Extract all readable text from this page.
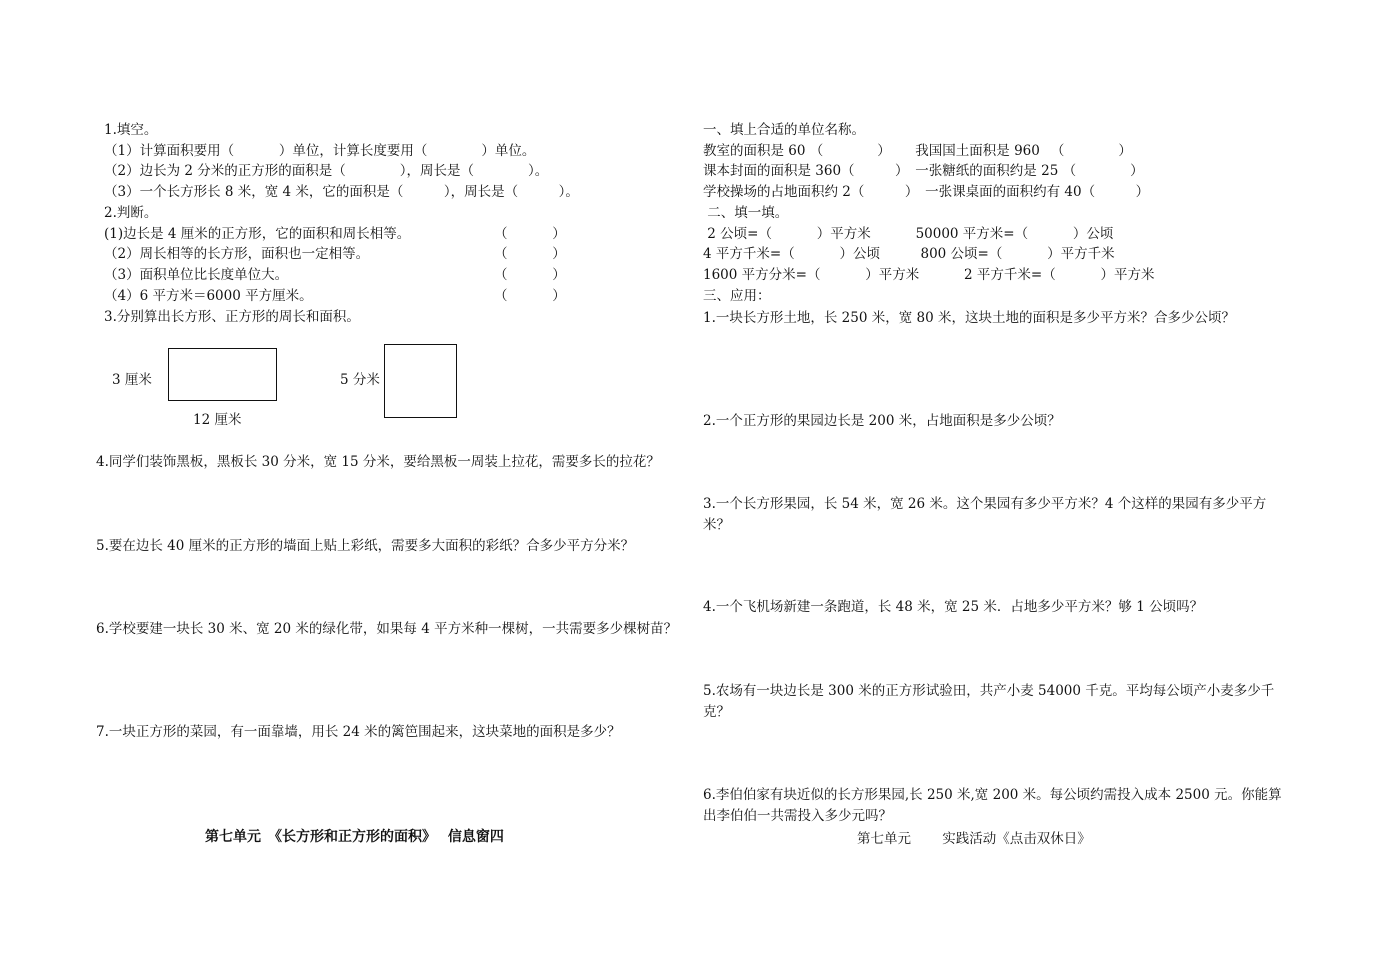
1.填空。
（1）计算面积要用（　　　 ）单位，计算长度要用（　　　　）单位。
（2）边长为 2 分米的正方形的面积是（　　　　），周长是（　　　　）。
（3）一个长方形长 8 米，宽 4 米，它的面积是（　　　），周长是（　　　）。
2.判断。
(1)边长是 4 厘米的正方形，它的面积和周长相等。	（　　　 ）
（2）周长相等的长方形，面积也一定相等。	（　　　 ）
（3）面积单位比长度单位大。	（　　　 ）
（4）6 平方米＝6000 平方厘米。	（　　　 ）
3.分别算出长方形、正方形的周长和面积。
3 厘米
12 厘米
5 分米
4.同学们装饰黑板，黑板长 30 分米，宽 15 分米，要给黑板一周装上拉花，需要多长的拉花？
5.要在边长 40 厘米的正方形的墙面上贴上彩纸，需要多大面积的彩纸？合多少平方分米？
6.学校要建一块长 30 米、宽 20 米的绿化带，如果每 4 平方米种一棵树，一共需要多少棵树苗？
7.一块正方形的菜园，有一面靠墙，用长 24 米的篱笆围起来，这块菜地的面积是多少？
第七单元　《长方形和正方形的面积》　 信息窗四
一、填上合适的单位名称。
教室的面积是 60 （　　　　）　　 我国国土面积是 960 　（　　　　）
课本封面的面积是 360（　　　）　一张糖纸的面积约是 25 （　　　　）
学校操场的占地面积约 2（　　　）　一张课桌面的面积约有 40（　　　）
二、填一填。
2 公顷=（　　　 ）平方米　　　 50000 平方米=（　　　 ）公顷
4 平方千米=（　　　 ）公顷　　　800 公顷=（　　　 ）平方千米
1600 平方分米=（　　　 ）平方米　　　 2 平方千米=（　　　 ）平方米
三、应用：
1.一块长方形土地，长 250 米，宽 80 米，这块土地的面积是多少平方米？合多少公顷？
2.一个正方形的果园边长是 200 米，占地面积是多少公顷？
3.一个长方形果园，长 54 米，宽 26 米。这个果园有多少平方米？4 个这样的果园有多少平方米？
4.一个飞机场新建一条跑道，长 48 米，宽 25 米．占地多少平方米？够 1 公顷吗？
5.农场有一块边长是 300 米的正方形试验田，共产小麦 54000 千克。平均每公顷产小麦多少千克？
6.李伯伯家有块近似的长方形果园,长 250 米,宽 200 米。每公顷约需投入成本 2500 元。你能算出李伯伯一共需投入多少元吗？
第七单元　　 实践活动《点击双休日》
